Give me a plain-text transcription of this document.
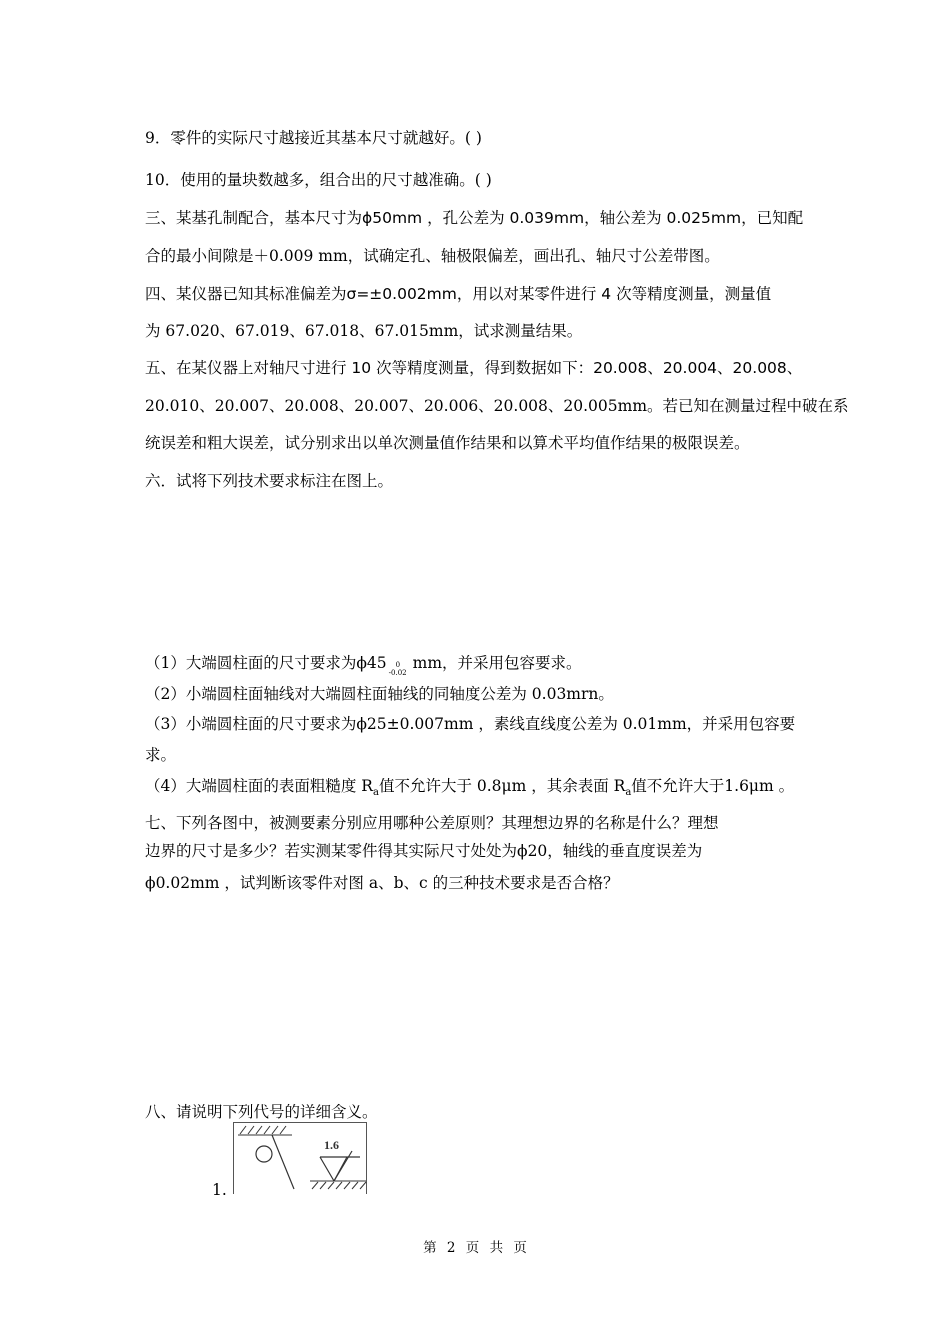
9．零件的实际尺寸越接近其基本尺寸就越好。( )
10．使用的量块数越多，组合出的尺寸越准确。( )
三、某基孔制配合，基本尺寸为ϕ50mm ，孔公差为 0.039mm，轴公差为 0.025mm，已知配
合的最小间隙是＋0.009 mm，试确定孔、轴极限偏差，画出孔、轴尺寸公差带图。
四、某仪器已知其标准偏差为σ=±0.002mm，用以对某零件进行 4 次等精度测量，测量值
为 67.020、67.019、67.018、67.015mm，试求测量结果。
五、在某仪器上对轴尺寸进行 10 次等精度测量，得到数据如下：20.008、20.004、20.008、
20.010、20.007、20.008、20.007、20.006、20.008、20.005mm。若已知在测量过程中破在系
统误差和粗大误差，试分别求出以单次测量值作结果和以算术平均值作结果的极限误差。
六．试将下列技术要求标注在图上。
（1）大端圆柱面的尺寸要求为ϕ45 0
-0.02
mm，并采用包容要求。
（2）小端圆柱面轴线对大端圆柱面轴线的同轴度公差为 0.03mrn。
（3）小端圆柱面的尺寸要求为ϕ25±0.007mm ，素线直线度公差为 0.01mm，并采用包容要
求。
（4）大端圆柱面的表面粗糙度 $R_a$值不允许大于 0.8μm ，其余表面 $R_a$值不允许大于1.6μm 。
七、下列各图中，被测要素分别应用哪种公差原则？其理想边界的名称是什么？理想
边界的尺寸是多少？若实测某零件得其实际尺寸处处为ϕ20，轴线的垂直度误差为
ϕ0.02mm ，试判断该零件对图 a、b、c 的三种技术要求是否合格？
八、请说明下列代号的详细含义。
1.6
1.
第 2 页 共 页
